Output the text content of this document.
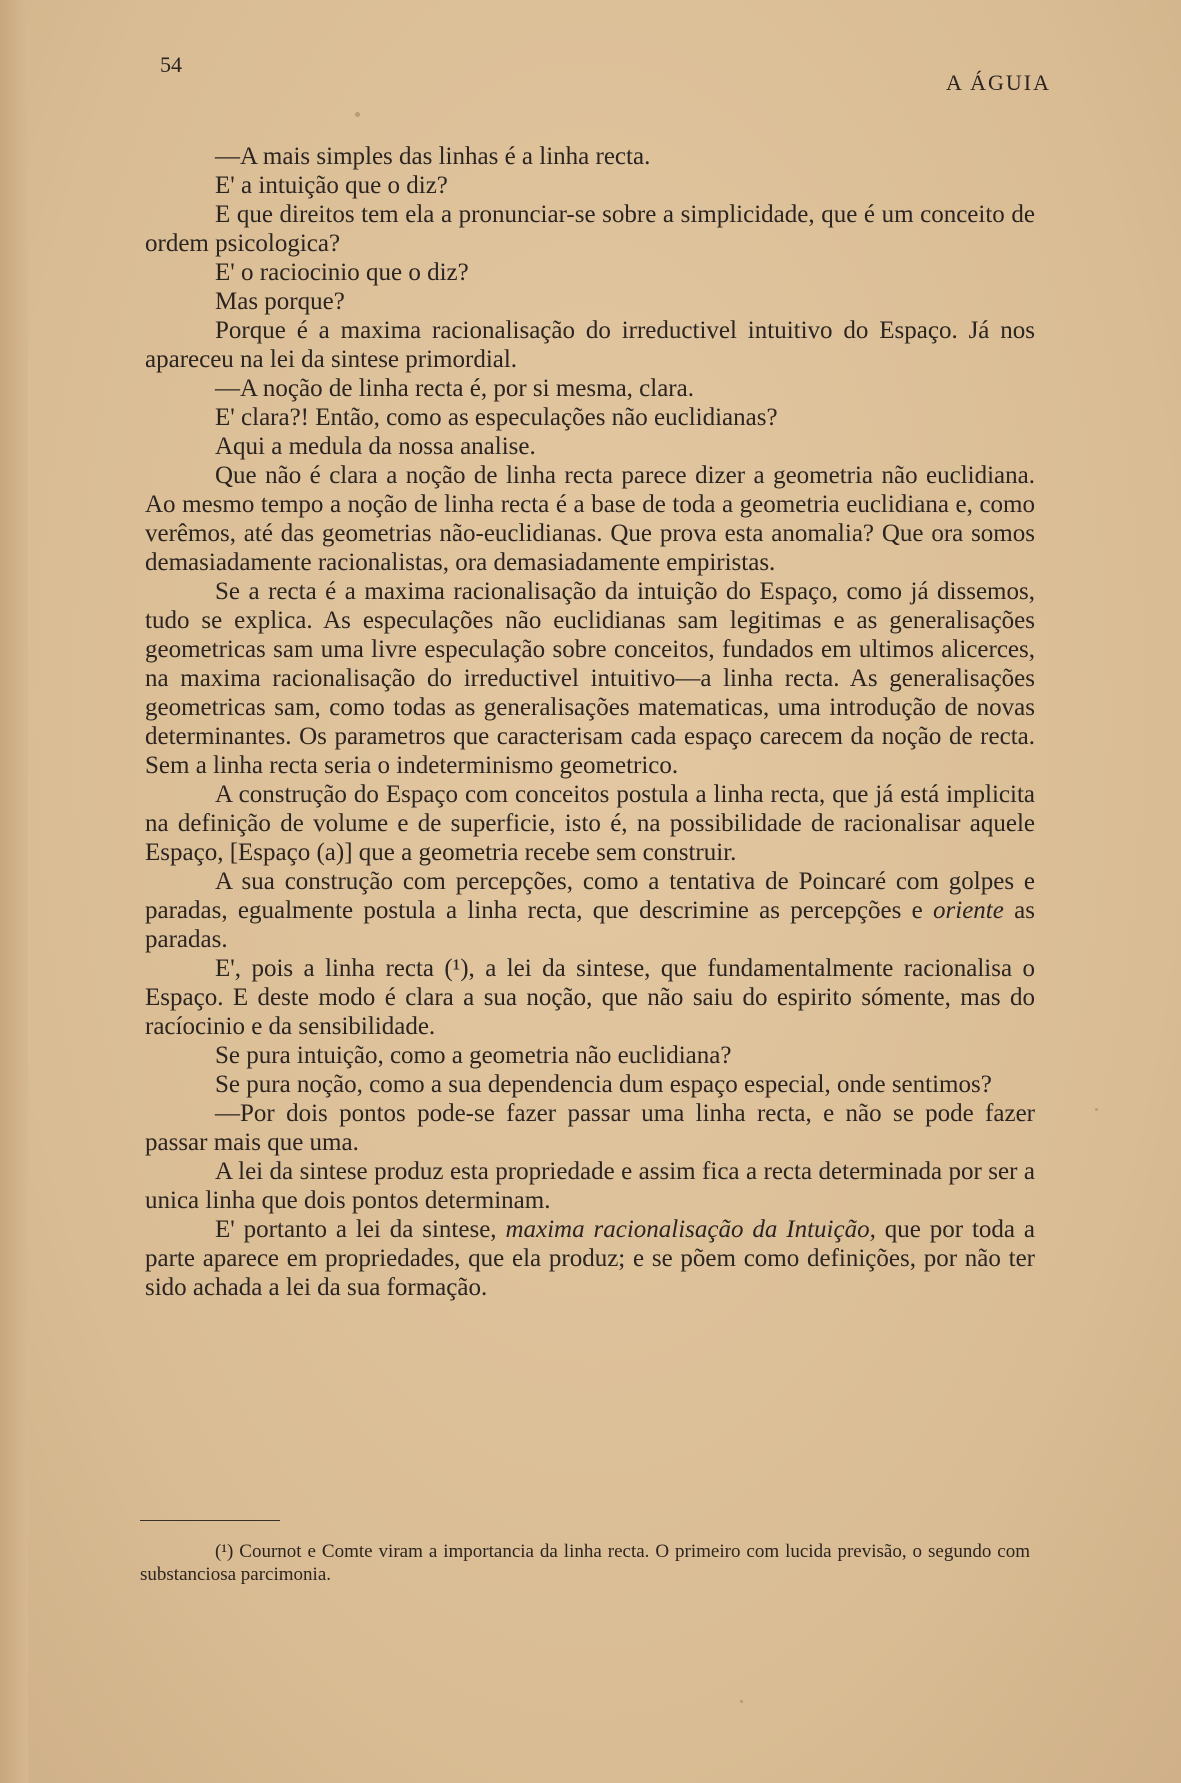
54
A ÁGUIA

—A mais simples das linhas é a linha recta.

E' a intuição que o diz?

E que direitos tem ela a pronunciar-se sobre a simplicidade, que é um conceito de ordem psicologica?

E' o raciocinio que o diz?

Mas porque?

Porque é a maxima racionalisação do irreductivel intuitivo do Espaço. Já nos apareceu na lei da sintese primordial.

—A noção de linha recta é, por si mesma, clara.

E' clara?! Então, como as especulações não euclidianas?

Aqui a medula da nossa analise.

Que não é clara a noção de linha recta parece dizer a geometria não euclidiana. Ao mesmo tempo a noção de linha recta é a base de toda a geometria euclidiana e, como verêmos, até das geometrias não-euclidianas. Que prova esta anomalia? Que ora somos demasiadamente racionalistas, ora demasiadamente empiristas.

Se a recta é a maxima racionalisação da intuição do Espaço, como já dissemos, tudo se explica. As especulações não euclidianas sam legitimas e as generalisações geometricas sam uma livre especulação sobre conceitos, fundados em ultimos alicerces, na maxima racionalisação do irreductivel intuitivo—a linha recta. As generalisações geometricas sam, como todas as generalisações matematicas, uma introdução de novas determinantes. Os parametros que caracterisam cada espaço carecem da noção de recta. Sem a linha recta seria o indeterminismo geometrico.

A construção do Espaço com conceitos postula a linha recta, que já está implicita na definição de volume e de superficie, isto é, na possibilidade de racionalisar aquele Espaço, [Espaço (a)] que a geometria recebe sem construir.

A sua construção com percepções, como a tentativa de Poincaré com golpes e paradas, egualmente postula a linha recta, que descrimine as percepções e oriente as paradas.

E', pois a linha recta (¹), a lei da sintese, que fundamentalmente racionalisa o Espaço. E deste modo é clara a sua noção, que não saiu do espirito sómente, mas do racíocinio e da sensibilidade.

Se pura intuição, como a geometria não euclidiana?

Se pura noção, como a sua dependencia dum espaço especial, onde sentimos?

—Por dois pontos pode-se fazer passar uma linha recta, e não se pode fazer passar mais que uma.

A lei da sintese produz esta propriedade e assim fica a recta determinada por ser a unica linha que dois pontos determinam.

E' portanto a lei da sintese, maxima racionalisação da Intuição, que por toda a parte aparece em propriedades, que ela produz; e se põem como definições, por não ter sido achada a lei da sua formação.

(¹) Cournot e Comte viram a importancia da linha recta. O primeiro com lucida previsão, o segundo com substanciosa parcimonia.
